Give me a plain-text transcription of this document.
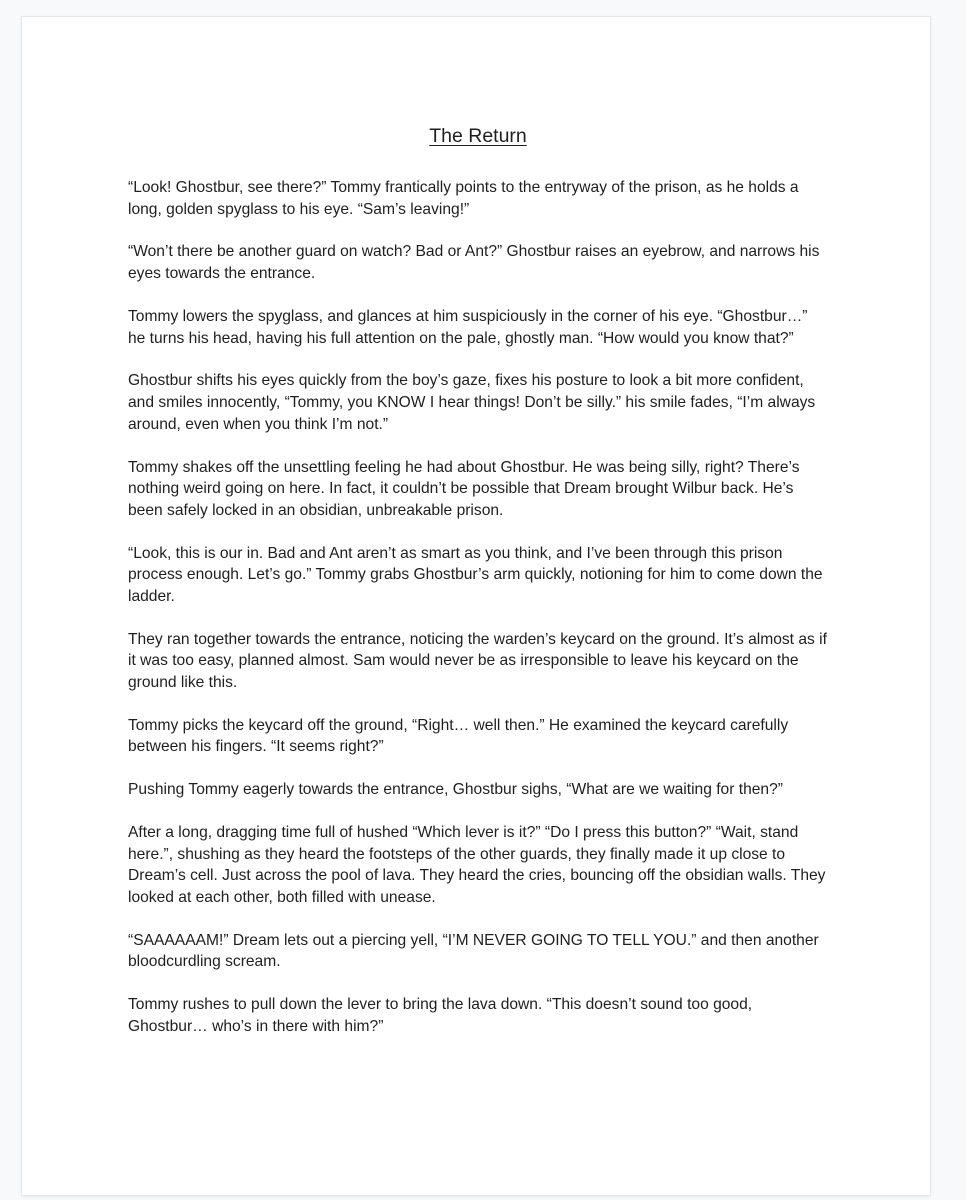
The Return

“Look! Ghostbur, see there?” Tommy frantically points to the entryway of the prison, as he holds a long, golden spyglass to his eye. “Sam’s leaving!”

“Won’t there be another guard on watch? Bad or Ant?” Ghostbur raises an eyebrow, and narrows his eyes towards the entrance.

Tommy lowers the spyglass, and glances at him suspiciously in the corner of his eye. “Ghostbur…” he turns his head, having his full attention on the pale, ghostly man. “How would you know that?”

Ghostbur shifts his eyes quickly from the boy’s gaze, fixes his posture to look a bit more confident, and smiles innocently, “Tommy, you KNOW I hear things! Don’t be silly.” his smile fades, “I’m always around, even when you think I’m not.”

Tommy shakes off the unsettling feeling he had about Ghostbur. He was being silly, right? There’s nothing weird going on here. In fact, it couldn’t be possible that Dream brought Wilbur back. He’s been safely locked in an obsidian, unbreakable prison.

“Look, this is our in. Bad and Ant aren’t as smart as you think, and I’ve been through this prison process enough. Let’s go.” Tommy grabs Ghostbur’s arm quickly, notioning for him to come down the ladder.

They ran together towards the entrance, noticing the warden’s keycard on the ground. It’s almost as if it was too easy, planned almost. Sam would never be as irresponsible to leave his keycard on the ground like this.

Tommy picks the keycard off the ground, “Right… well then.” He examined the keycard carefully between his fingers. “It seems right?”

Pushing Tommy eagerly towards the entrance, Ghostbur sighs, “What are we waiting for then?”

After a long, dragging time full of hushed “Which lever is it?” “Do I press this button?” “Wait, stand here.”, shushing as they heard the footsteps of the other guards, they finally made it up close to Dream’s cell. Just across the pool of lava. They heard the cries, bouncing off the obsidian walls. They looked at each other, both filled with unease.

“SAAAAAAM!” Dream lets out a piercing yell, “I’M NEVER GOING TO TELL YOU.” and then another bloodcurdling scream.

Tommy rushes to pull down the lever to bring the lava down. “This doesn’t sound too good, Ghostbur… who’s in there with him?”
